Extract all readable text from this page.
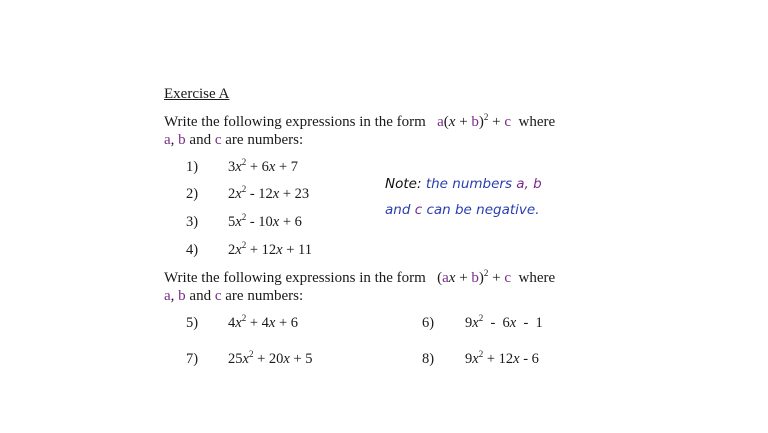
Exercise A
Write the following expressions in the form $a(x + b)^2 + c$ where
a, b and c are numbers:
1) $3x^2 + 6x + 7$
2) $2x^2 - 12x + 23$
3) $5x^2 - 10x + 6$
4) $2x^2 + 12x + 11$
Note: the numbers a, b
and c can be negative.
Write the following expressions in the form (ax + b)$^2$ + c where
a, b and c are numbers:
5) $4x^2 + 4x + 6$	6) $9x^2 - 6x - 1$
7) $25x^2 + 20x + 5$	8) $9x^2 + 12x - 6$
